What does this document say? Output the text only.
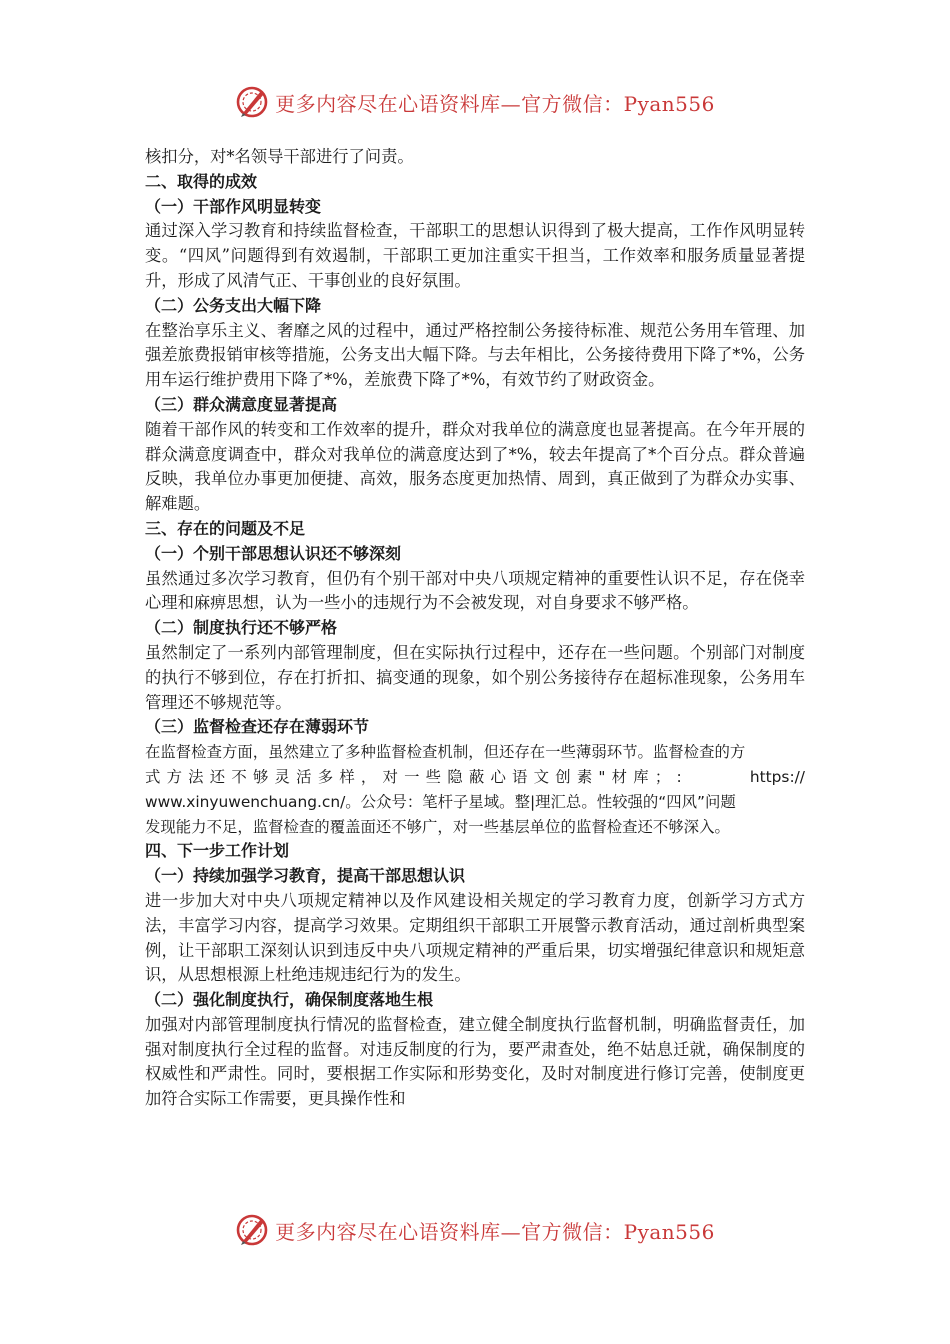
更多内容尽在心语资料库—官方微信：Pyan556

核扣分，对*名领导干部进行了问责。

二、取得的成效

（一）干部作风明显转变

通过深入学习教育和持续监督检查，干部职工的思想认识得到了极大提高，工作作风明显转变。“四风”问题得到有效遏制，干部职工更加注重实干担当，工作效率和服务质量显著提升，形成了风清气正、干事创业的良好氛围。

（二）公务支出大幅下降

在整治享乐主义、奢靡之风的过程中，通过严格控制公务接待标准、规范公务用车管理、加强差旅费报销审核等措施，公务支出大幅下降。与去年相比，公务接待费用下降了*%，公务用车运行维护费用下降了*%，差旅费下降了*%，有效节约了财政资金。

（三）群众满意度显著提高

随着干部作风的转变和工作效率的提升，群众对我单位的满意度也显著提高。在今年开展的群众满意度调查中，群众对我单位的满意度达到了*%，较去年提高了*个百分点。群众普遍反映，我单位办事更加便捷、高效，服务态度更加热情、周到，真正做到了为群众办实事、解难题。

三、存在的问题及不足

（一）个别干部思想认识还不够深刻

虽然通过多次学习教育，但仍有个别干部对中央八项规定精神的重要性认识不足，存在侥幸心理和麻痹思想，认为一些小的违规行为不会被发现，对自身要求不够严格。

（二）制度执行还不够严格

虽然制定了一系列内部管理制度，但在实际执行过程中，还存在一些问题。个别部门对制度的执行不够到位，存在打折扣、搞变通的现象，如个别公务接待存在超标准现象，公务用车管理还不够规范等。

（三）监督检查还存在薄弱环节

在监督检查方面，虽然建立了多种监督检查机制，但还存在一些薄弱环节。监督检查的方
式方法还不够灵活多样，对一些隐蔽心语文创素"材库；:	https://
www.xinyuwenchuang.cn/。公众号：笔杆子星域。整|理汇总。性较强的“四风”问题
发现能力不足，监督检查的覆盖面还不够广，对一些基层单位的监督检查还不够深入。

四、下一步工作计划

（一）持续加强学习教育，提高干部思想认识

进一步加大对中央八项规定精神以及作风建设相关规定的学习教育力度，创新学习方式方法，丰富学习内容，提高学习效果。定期组织干部职工开展警示教育活动，通过剖析典型案例，让干部职工深刻认识到违反中央八项规定精神的严重后果，切实增强纪律意识和规矩意识，从思想根源上杜绝违规违纪行为的发生。

（二）强化制度执行，确保制度落地生根

加强对内部管理制度执行情况的监督检查，建立健全制度执行监督机制，明确监督责任，加强对制度执行全过程的监督。对违反制度的行为，要严肃查处，绝不姑息迁就，确保制度的权威性和严肃性。同时，要根据工作实际和形势变化，及时对制度进行修订完善，使制度更加符合实际工作需要，更具操作性和

更多内容尽在心语资料库—官方微信：Pyan556
